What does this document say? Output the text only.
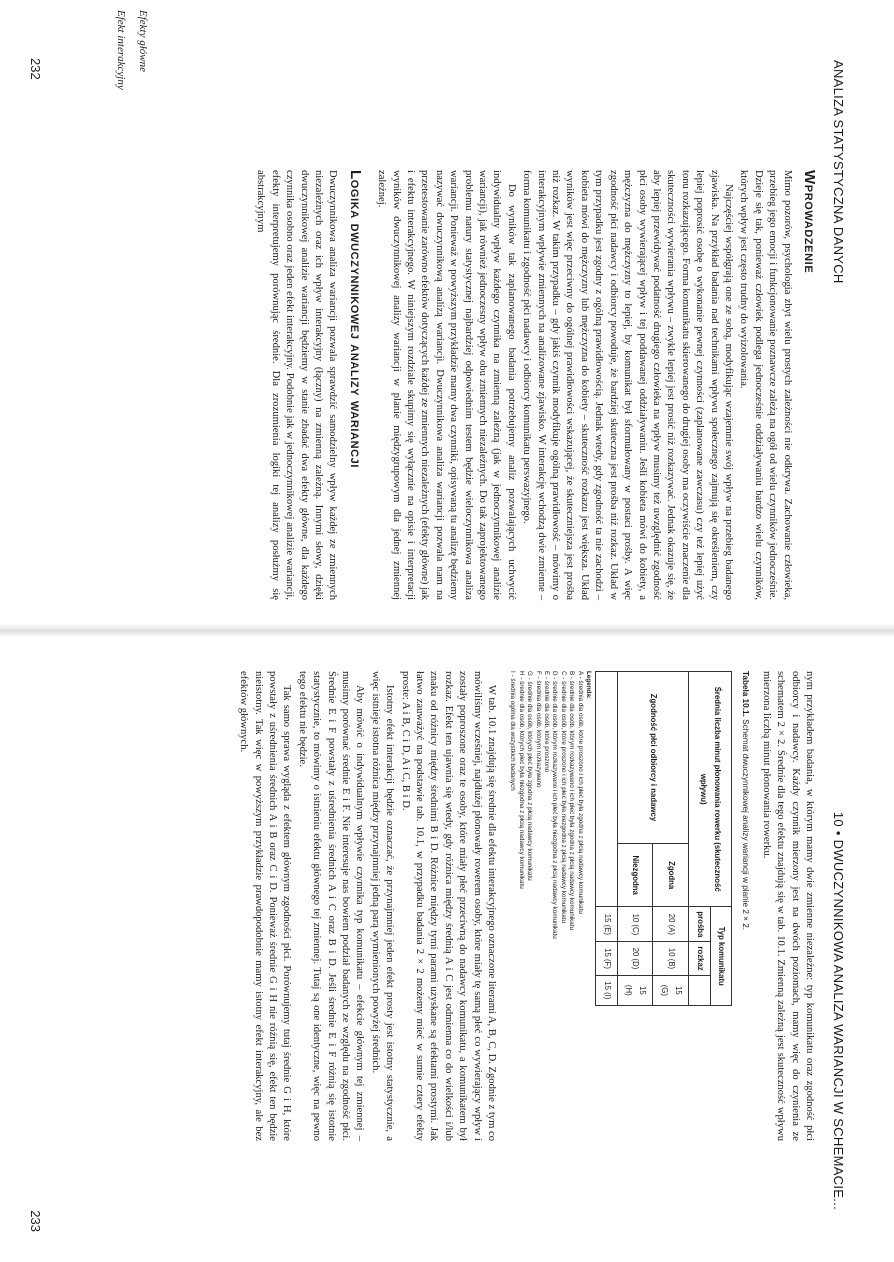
ANALIZA STATYSTYCZNA DANYCH
Efekty główne
Efekt interakcyjny
Wprowadzenie

Mimo pozorów, psychologia zbyt wielu prostych zależności nie odkrywa. Zachowanie człowieka, przebieg jego emocji i funkcjonowanie poznawcze zależą na ogół od wielu czynników jednocześnie. Dzieje się tak, ponieważ człowiek podlega jednocześnie oddziaływaniu bardzo wielu czynników, których wpływ jest często trudny do wyizolowania.

Najczęściej współgrają one ze sobą, modyfikując wzajemnie swój wpływ na przebieg badanego zjawiska. Na przykład badania nad technikami wpływu społecznego zajmują się określeniem, czy lepiej poprosić osobę o wykonanie pewnej czynności (zaplanowane zawczasu) czy też lepiej użyć tonu rozkazującego. Forma komunikatu skierowanego do drugiej osoby ma oczywiście znaczenie dla skuteczności wywierania wpływu – zwykle lepiej jest prosić niż rozkazywać. Jednak okazuje się, że aby lepiej przewidywać podatność drugiego człowieka na wpływ musimy też uwzględnić zgodność płci osoby wywierającej wpływ i tej poddawanej oddziaływaniu. Jeśli kobieta mówi do kobiety, a mężczyzna do mężczyzny to lepiej, by komunikat był sformułowany w postaci prośby. A więc zgodność płci nadawcy i odbiorcy powoduje, że bardziej skuteczna jest prośba niż rozkaz. Układ w tym przypadku jest zgodny z ogólną prawidłowością. Jednak wtedy, gdy zgodność ta nie zachodzi – kobieta mówi do mężczyzny lub mężczyzna do kobiety – skuteczność rozkazu jest większa. Układ wyników jest więc przeciwny do ogólnej prawidłowości wskazującej, że skuteczniejsza jest prośba niż rozkaz. W takim przypadku – gdy jakiś czynnik modyfikuje ogólną prawidłowość – mówimy o interakcyjnym wpływie zmiennych na analizowane zjawisko. W interakcję wchodzą dwie zmienne – forma komunikatu i zgodność płci nadawcy i odbiorcy komunikatu perswazyjnego.

Do wyników tak zaplanowanego badania potrzebujemy analiz pozwalających uchwycić indywidualny wpływ każdego czynnika na zmienną zależną (jak w jednoczynnikowej analizie wariancji), jak również jednoczesny wpływ obu zmiennych niezależnych. Do tak zaprojektowanego problemu natury statystycznej najbardziej odpowiednim testem będzie wieloczynnikowa analiza wariancji. Ponieważ w powyższym przykładzie mamy dwa czynniki, opisywaną tu analizę będziemy nazywać dwuczynnikową analizą wariancji. Dwuczynnikowa analiza wariancji pozwala nam na przetestowanie zarówno efektów dotyczących każdej ze zmiennych niezależnych (efekty główne) jak i efektu interakcyjnego. W niniejszym rozdziale skupimy się wyłącznie na opisie i interpretacji wyników dwuczynnikowej analizy wariancji w planie międzygrupowym dla jednej zmiennej zależnej.

Logika dwuczynnikowej analizy wariancji

Dwuczynnikowa analiza wariancji pozwala sprawdzić samodzielny wpływ każdej ze zmiennych niezależnych oraz ich wpływ interakcyjny (łączny) na zmienną zależną. Innymi słowy, dzięki dwuczynnikowej analizie wariancji będziemy w stanie zbadać dwa efekty główne, dla każdego czynnika osobno oraz jeden efekt interakcyjny. Podobnie jak w jednoczynnikowej analizie wariancji, efekty interpretujemy porównując średnie. Dla zrozumienia logiki tej analizy posłużmy się abstrakcyjnym

232
10 • DWUCZYNNIKOWA ANALIZA WARIANCJI W SCHEMACIE...

nym przykładem badania, w którym mamy dwie zmienne niezależne: typ komunikatu oraz zgodność płci odbiorcy i nadawcy. Każdy czynnik mierzony jest na dwóch poziomach, mamy więc do czynienia ze schematem 2 × 2. Średnie dla tego efektu znajdują się w tab. 10.1. Zmienną zależną jest skuteczność wpływu mierzona liczbą minut płonowania rowerku.

Tabela 10.1. Schemat dwuczynnikowej analizy wariancji w planie 2 × 2.
Średnia liczba minut płonowania rowerku (skuteczność wpływu)		Typ komunikatu		
		prośba	rozkaz	
Zgodność płci odbiorcy i nadawcy	Zgodna	20 (A)	10 (B)	15 (G)
	Niezgodna	10 (C)	20 (D)	15 (H)
		15 (E)	15 (F)	15 (I)
Legenda:
A - średnia dla osób, które proszono i ich płeć była zgodna z płcią nadawcy komunikatu
B - średnie dla osób, którym rozkazywano i ich płeć była zgodna z płcią nadawcy komunikatu
C - średnie dla osób, które proszono i ich płeć była niezgodna z płcią nadawcy komunikatu
D - średnie dla osób, którym rozkazywano i ich płeć była niezgodna z płcią nadawcy komunikatu
E - średnie dla osób, które proszono
F - średnia dla osób, którym rozkazywano
G - średnie dla osób, których płeć była zgodna z płcią nadawcy komunikatu
H - średnie dla osób, których płeć była niezgodna z płcią nadawcy komunikatu
I - średnia ogólna dla wszystkich badanych

W tab. 10.1 znajdują się średnie dla efektu interakcyjnego oznaczone literami A, B, C, D. Zgodnie z tym co mówiliśmy wcześniej, najdłużej płonowały rowerem osoby, które miały tę samą płeć co wywierający wpływ i zostały poproszone oraz te osoby, które miały płeć przeciwną do nadawcy komunikatu, a komunikatem był rozkaz. Efekt ten ujawnia się wtedy, gdy różnica między średnią A i C jest odmienna co do wielkości i/lub znaku od różnicy między średnimi B i D. Różnice między tymi parami uzyskane są efektami prostymi. Jak łatwo zauważyć na podstawie tab. 10.1, w przypadku badania 2 × 2 możemy mieć w sumie cztery efekty proste: A i B, C i D, A i C, B i D.

Istotny efekt interakcji będzie oznaczać, że przynajmniej jeden efekt prosty jest istotny statystycznie, a więc istnieje istotna różnica między przynajmniej jedną parą wymienionych powyżej średnich.

Aby mówić o indywidualnym wpływie czynnika typ komunikatu – efekcie głównym tej zmiennej – musimy porównać średnie E i F. Nie interesuje nas bowiem podział badanych ze względu na zgodność płci. Średnie E i F powstały z uśrednienia średnich A i C oraz B i D. Jeśli średnie E i F różnią się istotnie statystycznie, to mówimy o istnieniu efektu głównego tej zmiennej. Tutaj są one identyczne, więc na pewno tego efektu nie będzie.

Tak samo sprawa wygląda z efektem głównym zgodności płci. Porównujemy tutaj średnie G i H, które powstały z uśrednienia średnich A i B oraz C i D. Ponieważ średnie G i H nie różnią się, efekt ten będzie nieistotny. Tak więc w powyższym przykładzie prawdopodobnie mamy istotny efekt interakcyjny, ale bez efektów głównych.

233
